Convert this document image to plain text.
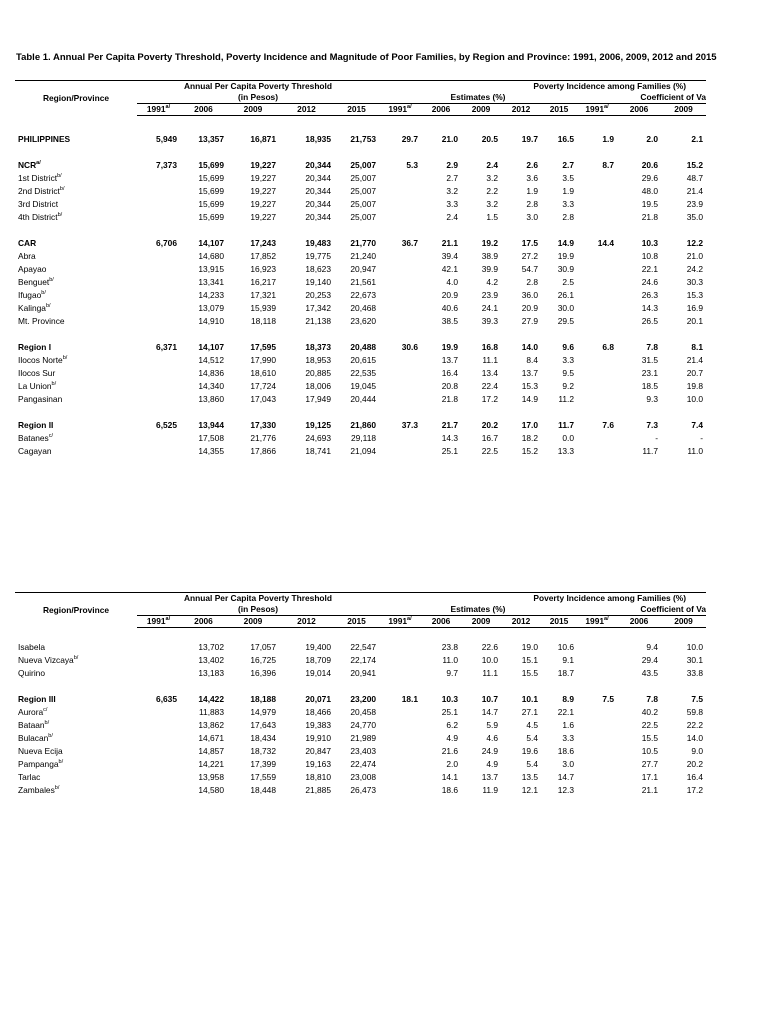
Table 1. Annual Per Capita Poverty Threshold, Poverty Incidence and Magnitude of Poor Families, by Region and Province: 1991, 2006, 2009, 2012 and 2015
Region/Province	Annual Per Capita Poverty Threshold
(in Pesos)					Poverty Incidence among Families (%)							
						Estimates (%)					Coefficient of Va		
	$1991^{a/}$	2006	2009	2012	2015	$1991^{a/}$	2006	2009	2012	2015	$1991^{a/}$	2006	2009

PHILIPPINES	5,949	13,357	16,871	18,935	21,753	29.7	21.0	20.5	19.7	16.5	1.9	2.0	2.1

$NCR^{a/}$	7,373	15,699	19,227	20,344	25,007	5.3	2.9	2.4	2.6	2.7	8.7	20.6	15.2
1st District$^{b/}$		15,699	19,227	20,344	25,007		2.7	3.2	3.6	3.5		29.6	48.7
2nd District$^{b/}$		15,699	19,227	20,344	25,007		3.2	2.2	1.9	1.9		48.0	21.4
3rd District		15,699	19,227	20,344	25,007		3.3	3.2	2.8	3.3		19.5	23.9
4th District$^{b/}$		15,699	19,227	20,344	25,007		2.4	1.5	3.0	2.8		21.8	35.0

CAR	6,706	14,107	17,243	19,483	21,770	36.7	21.1	19.2	17.5	14.9	14.4	10.3	12.2
Abra		14,680	17,852	19,775	21,240		39.4	38.9	27.2	19.9		10.8	21.0
Apayao		13,915	16,923	18,623	20,947		42.1	39.9	54.7	30.9		22.1	24.2
Benguet$^{b/}$		13,341	16,217	19,140	21,561		4.0	4.2	2.8	2.5		24.6	30.3
Ifugao$^{b/}$		14,233	17,321	20,253	22,673		20.9	23.9	36.0	26.1		26.3	15.3
Kalinga$^{b/}$		13,079	15,939	17,342	20,468		40.6	24.1	20.9	30.0		14.3	16.9
Mt. Province		14,910	18,118	21,138	23,620		38.5	39.3	27.9	29.5		26.5	20.1

Region I	6,371	14,107	17,595	18,373	20,488	30.6	19.9	16.8	14.0	9.6	6.8	7.8	8.1
Ilocos Norte$^{b/}$		14,512	17,990	18,953	20,615		13.7	11.1	8.4	3.3		31.5	21.4
Ilocos Sur		14,836	18,610	20,885	22,535		16.4	13.4	13.7	9.5		23.1	20.7
La Union$^{b/}$		14,340	17,724	18,006	19,045		20.8	22.4	15.3	9.2		18.5	19.8
Pangasinan		13,860	17,043	17,949	20,444		21.8	17.2	14.9	11.2		9.3	10.0

Region II	6,525	13,944	17,330	19,125	21,860	37.3	21.7	20.2	17.0	11.7	7.6	7.3	7.4
Batanes$^{c/}$		17,508	21,776	24,693	29,118		14.3	16.7	18.2	0.0		-	-
Cagayan		14,355	17,866	18,741	21,094		25.1	22.5	15.2	13.3		11.7	11.0
Region/Province	Annual Per Capita Poverty Threshold
(in Pesos)					Poverty Incidence among Families (%)							
						Estimates (%)					Coefficient of Va		
	$1991^{a/}$	2006	2009	2012	2015	$1991^{a/}$	2006	2009	2012	2015	$1991^{a/}$	2006	2009

Isabela		13,702	17,057	19,400	22,547		23.8	22.6	19.0	10.6		9.4	10.0
Nueva Vizcaya$^{b/}$		13,402	16,725	18,709	22,174		11.0	10.0	15.1	9.1		29.4	30.1
Quirino		13,183	16,396	19,014	20,941		9.7	11.1	15.5	18.7		43.5	33.8

Region III	6,635	14,422	18,188	20,071	23,200	18.1	10.3	10.7	10.1	8.9	7.5	7.8	7.5
Aurora$^{c/}$		11,883	14,979	18,466	20,458		25.1	14.7	27.1	22.1		40.2	59.8
Bataan$^{b/}$		13,862	17,643	19,383	24,770		6.2	5.9	4.5	1.6		22.5	22.2
Bulacan$^{b/}$		14,671	18,434	19,910	21,989		4.9	4.6	5.4	3.3		15.5	14.0
Nueva Ecija		14,857	18,732	20,847	23,403		21.6	24.9	19.6	18.6		10.5	9.0
Pampanga$^{b/}$		14,221	17,399	19,163	22,474		2.0	4.9	5.4	3.0		27.7	20.2
Tarlac		13,958	17,559	18,810	23,008		14.1	13.7	13.5	14.7		17.1	16.4
Zambales$^{b/}$		14,580	18,448	21,885	26,473		18.6	11.9	12.1	12.3		21.1	17.2
